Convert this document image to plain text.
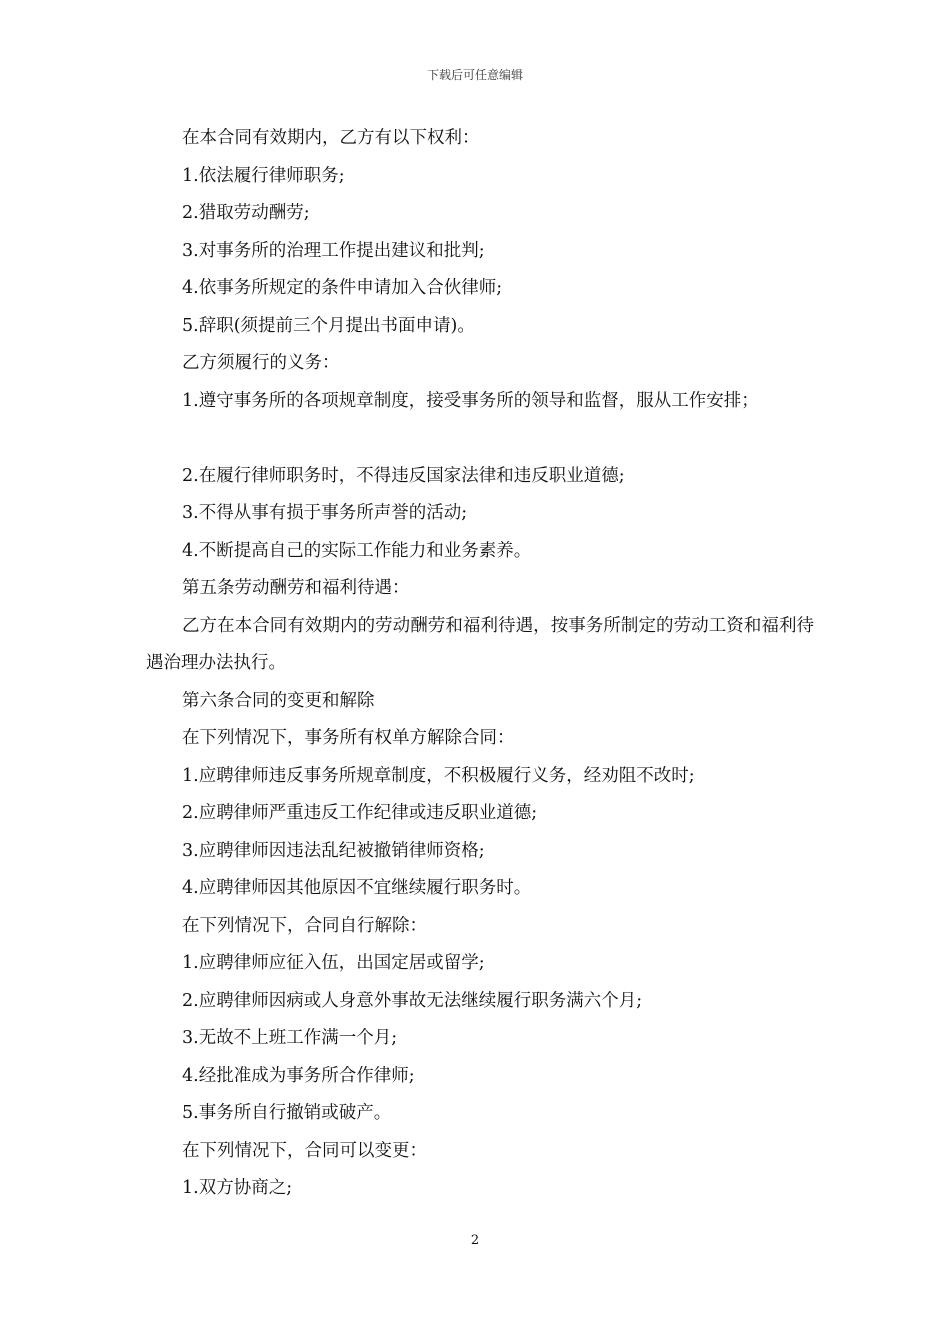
下载后可任意编辑
在本合同有效期内，乙方有以下权利：
1.依法履行律师职务;
2.猎取劳动酬劳;
3.对事务所的治理工作提出建议和批判;
4.依事务所规定的条件申请加入合伙律师;
5.辞职(须提前三个月提出书面申请)。
乙方须履行的义务：
1.遵守事务所的各项规章制度，接受事务所的领导和监督，服从工作安排；
2.在履行律师职务时，不得违反国家法律和违反职业道德;
3.不得从事有损于事务所声誉的活动;
4.不断提高自己的实际工作能力和业务素养。
第五条劳动酬劳和福利待遇：
乙方在本合同有效期内的劳动酬劳和福利待遇，按事务所制定的劳动工资和福利待遇治理办法执行。
第六条合同的变更和解除
在下列情况下，事务所有权单方解除合同：
1.应聘律师违反事务所规章制度，不积极履行义务，经劝阻不改时;
2.应聘律师严重违反工作纪律或违反职业道德;
3.应聘律师因违法乱纪被撤销律师资格;
4.应聘律师因其他原因不宜继续履行职务时。
在下列情况下，合同自行解除：
1.应聘律师应征入伍，出国定居或留学;
2.应聘律师因病或人身意外事故无法继续履行职务满六个月;
3.无故不上班工作满一个月;
4.经批准成为事务所合作律师;
5.事务所自行撤销或破产。
在下列情况下，合同可以变更：
1.双方协商之;
2
